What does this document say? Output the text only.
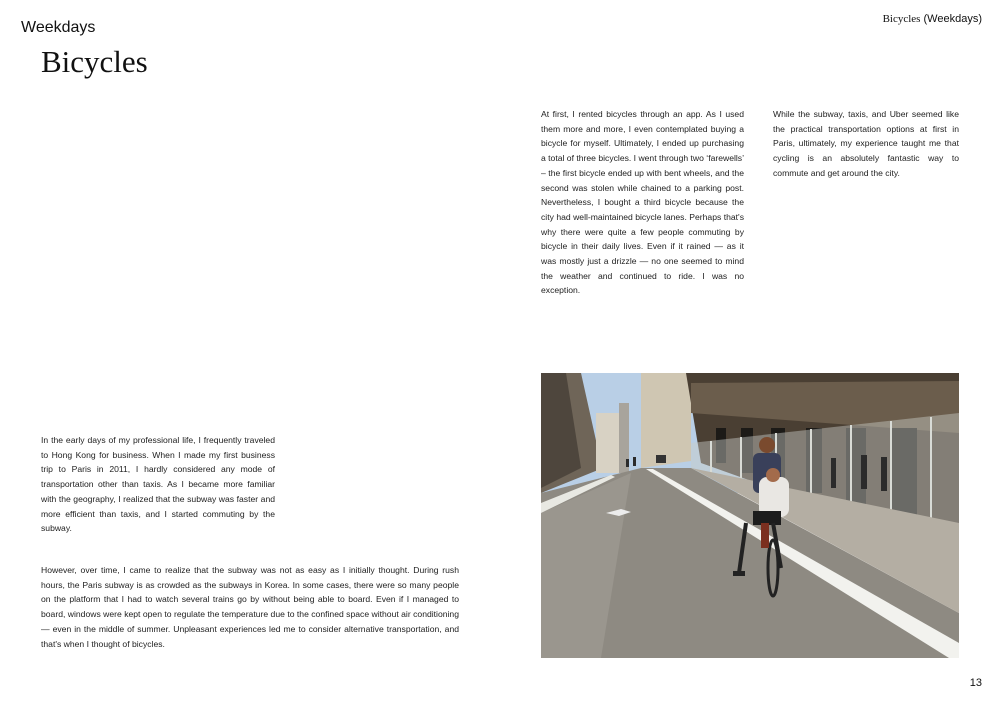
Weekdays	Bicycles (Weekdays)
Bicycles

At first, I rented bicycles through an app. As I used them more and more, I even contemplated buying a bicycle for myself. Ultimately, I ended up purchasing a total of three bicycles. I went through two ‘farewells’ – the first bicycle ended up with bent wheels, and the second was stolen while chained to a parking post. Nevertheless, I bought a third bicycle because the city had well-maintained bicycle lanes. Perhaps that's why there were quite a few people commuting by bicycle in their daily lives. Even if it rained — as it was mostly just a drizzle — no one seemed to mind the weather and continued to ride. I was no exception.

While the subway, taxis, and Uber seemed like the practical transportation options at first in Paris, ultimately, my experience taught me that cycling is an absolutely fantastic way to commute and get around the city.

In the early days of my professional life, I frequently traveled to Hong Kong for business. When I made my first business trip to Paris in 2011, I hardly considered any mode of transportation other than taxis. As I became more familiar with the geography, I realized that the subway was faster and more efficient than taxis, and I started commuting by the subway.

However, over time, I came to realize that the subway was not as easy as I initially thought. During rush hours, the Paris subway is as crowded as the subways in Korea. In some cases, there were so many people on the platform that I had to watch several trains go by without being able to board. Even if I managed to board, windows were kept open to regulate the temperature due to the confined space without air conditioning — even in the middle of summer. Unpleasant experiences led me to consider alternative transportation, and that's when I thought of bicycles.

13
